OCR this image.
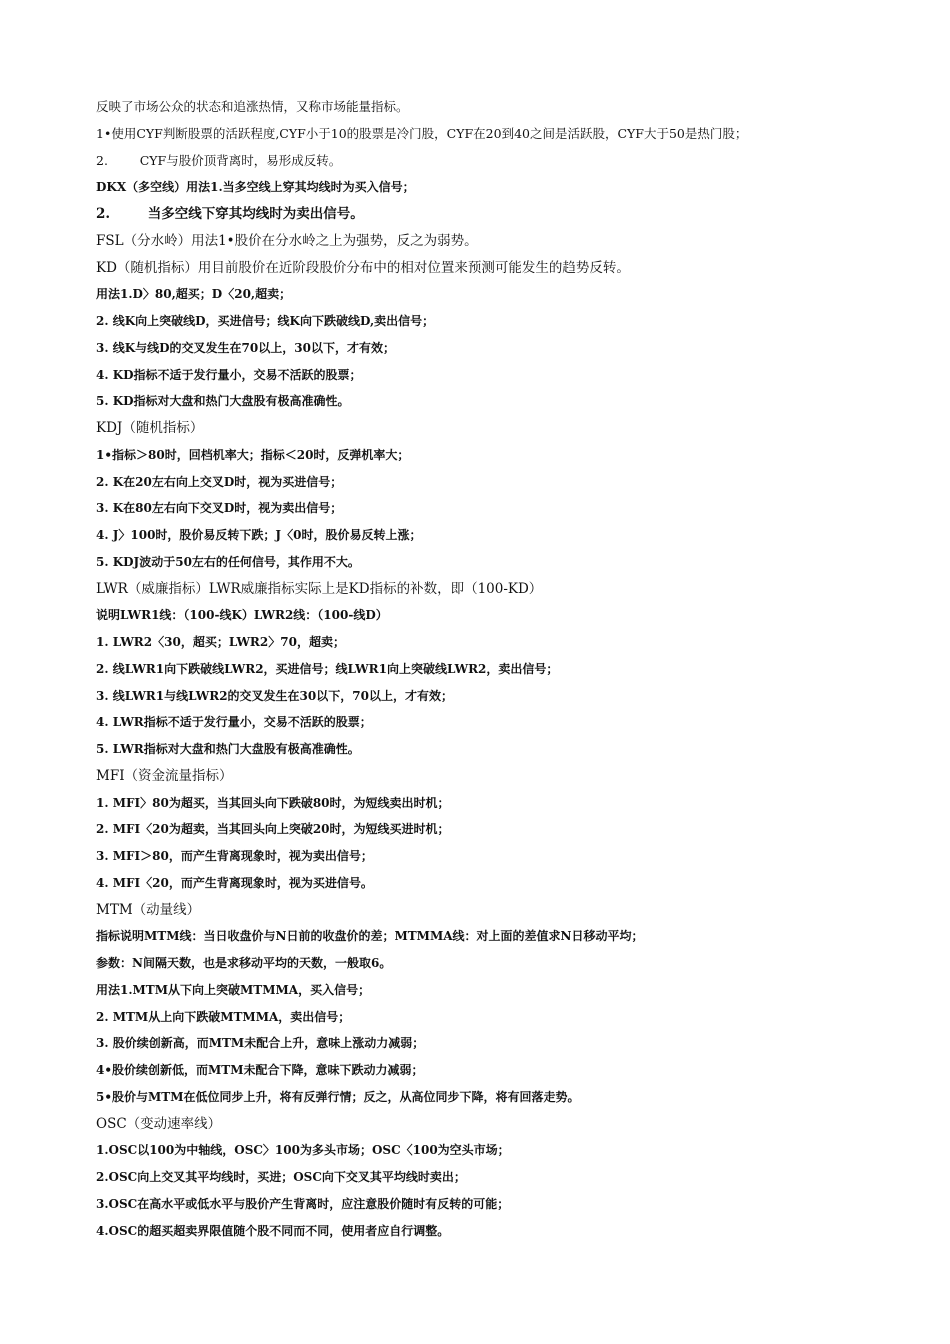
反映了市场公众的状态和追涨热情，又称市场能量指标。
1•使用CYF判断股票的活跃程度,CYF小于10的股票是冷门股，CYF在20到40之间是活跃股，CYF大于50是热门股；
2.        CYF与股价顶背离时，易形成反转。
DKX（多空线）用法1.当多空线上穿其均线时为买入信号；
2.        当多空线下穿其均线时为卖出信号。
FSL（分水岭）用法1•股价在分水岭之上为强势，反之为弱势。
KD（随机指标）用目前股价在近阶段股价分布中的相对位置来预测可能发生的趋势反转。
用法1.D〉80,超买；D〈20,超卖；
2. 线K向上突破线D，买进信号；线K向下跌破线D,卖出信号；
3. 线K与线D的交叉发生在70以上，30以下，才有效；
4. KD指标不适于发行量小，交易不活跃的股票；
5. KD指标对大盘和热门大盘股有极高准确性。
KDJ（随机指标）
1•指标＞80时，回档机率大；指标＜20时，反弹机率大；
2. K在20左右向上交叉D时，视为买进信号；
3. K在80左右向下交叉D时，视为卖出信号；
4. J〉100时，股价易反转下跌；J〈0时，股价易反转上涨；
5. KDJ波动于50左右的任何信号，其作用不大。
LWR（威廉指标）LWR威廉指标实际上是KD指标的补数，即（100-KD）
说明LWR1线：（100-线K）LWR2线：（100-线D）
1. LWR2〈30，超买；LWR2〉70，超卖；
2. 线LWR1向下跌破线LWR2，买进信号；线LWR1向上突破线LWR2，卖出信号；
3. 线LWR1与线LWR2的交叉发生在30以下，70以上，才有效；
4. LWR指标不适于发行量小，交易不活跃的股票；
5. LWR指标对大盘和热门大盘股有极高准确性。
MFI（资金流量指标）
1. MFI〉80为超买，当其回头向下跌破80时，为短线卖出时机；
2. MFI〈20为超卖，当其回头向上突破20时，为短线买进时机；
3. MFI＞80，而产生背离现象时，视为卖出信号；
4. MFI〈20，而产生背离现象时，视为买进信号。
MTM（动量线）
指标说明MTM线：当日收盘价与N日前的收盘价的差；MTMMA线：对上面的差值求N日移动平均；
参数：N间隔天数，也是求移动平均的天数，一般取6。
用法1.MTM从下向上突破MTMMA，买入信号；
2. MTM从上向下跌破MTMMA，卖出信号；
3. 股价续创新高，而MTM未配合上升，意味上涨动力减弱；
4•股价续创新低，而MTM未配合下降，意味下跌动力减弱；
5•股价与MTM在低位同步上升，将有反弹行情；反之，从高位同步下降，将有回落走势。
OSC（变动速率线）
1.OSC以100为中轴线，OSC〉100为多头市场；OSC〈100为空头市场；
2.OSC向上交叉其平均线时，买进；OSC向下交叉其平均线时卖出；
3.OSC在高水平或低水平与股价产生背离时，应注意股价随时有反转的可能；
4.OSC的超买超卖界限值随个股不同而不同，使用者应自行调整。
